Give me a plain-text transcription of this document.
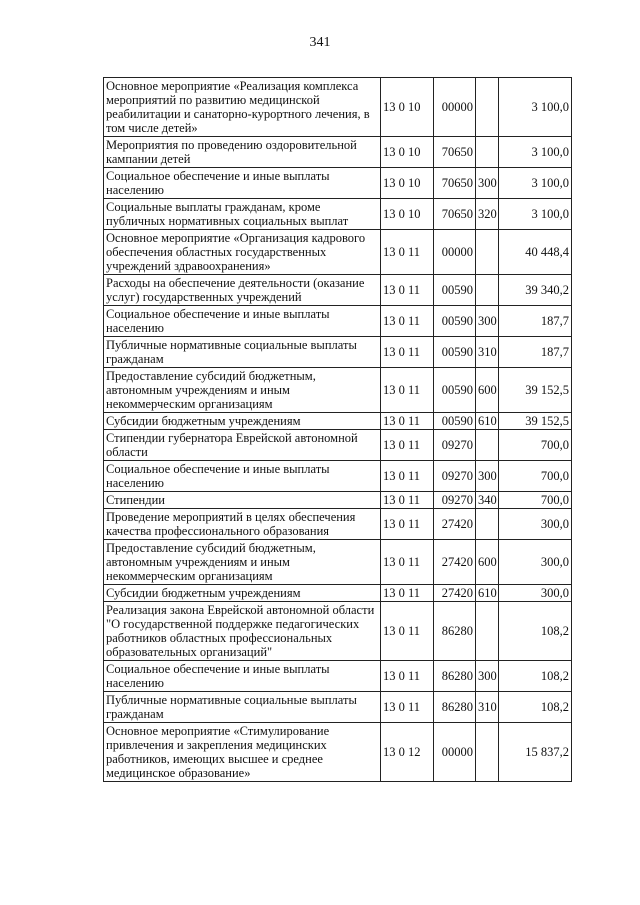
341
Основное мероприятие «Реализация комплекса мероприятий по развитию медицинской реабилитации и санаторно-курортного лечения, в том числе детей»	13 0 10	00000		3 100,0
Мероприятия по проведению оздоровительной кампании детей	13 0 10	70650		3 100,0
Социальное обеспечение и иные выплаты населению	13 0 10	70650	300	3 100,0
Социальные выплаты гражданам, кроме публичных нормативных социальных выплат	13 0 10	70650	320	3 100,0
Основное мероприятие «Организация кадрового обеспечения областных государственных учреждений здравоохранения»	13 0 11	00000		40 448,4
Расходы на обеспечение деятельности (оказание услуг) государственных учреждений	13 0 11	00590		39 340,2
Социальное обеспечение и иные выплаты населению	13 0 11	00590	300	187,7
Публичные нормативные социальные выплаты гражданам	13 0 11	00590	310	187,7
Предоставление субсидий бюджетным, автономным учреждениям и иным некоммерческим организациям	13 0 11	00590	600	39 152,5
Субсидии бюджетным учреждениям	13 0 11	00590	610	39 152,5
Стипендии губернатора Еврейской автономной области	13 0 11	09270		700,0
Социальное обеспечение и иные выплаты населению	13 0 11	09270	300	700,0
Стипендии	13 0 11	09270	340	700,0
Проведение мероприятий в целях обеспечения качества профессионального образования	13 0 11	27420		300,0
Предоставление субсидий бюджетным, автономным учреждениям и иным некоммерческим организациям	13 0 11	27420	600	300,0
Субсидии бюджетным учреждениям	13 0 11	27420	610	300,0
Реализация закона Еврейской автономной области "О государственной поддержке педагогических работников областных профессиональных образовательных организаций"	13 0 11	86280		108,2
Социальное обеспечение и иные выплаты населению	13 0 11	86280	300	108,2
Публичные нормативные социальные выплаты гражданам	13 0 11	86280	310	108,2
Основное мероприятие «Стимулирование привлечения и закрепления медицинских работников, имеющих высшее и среднее медицинское образование»	13 0 12	00000		15 837,2
